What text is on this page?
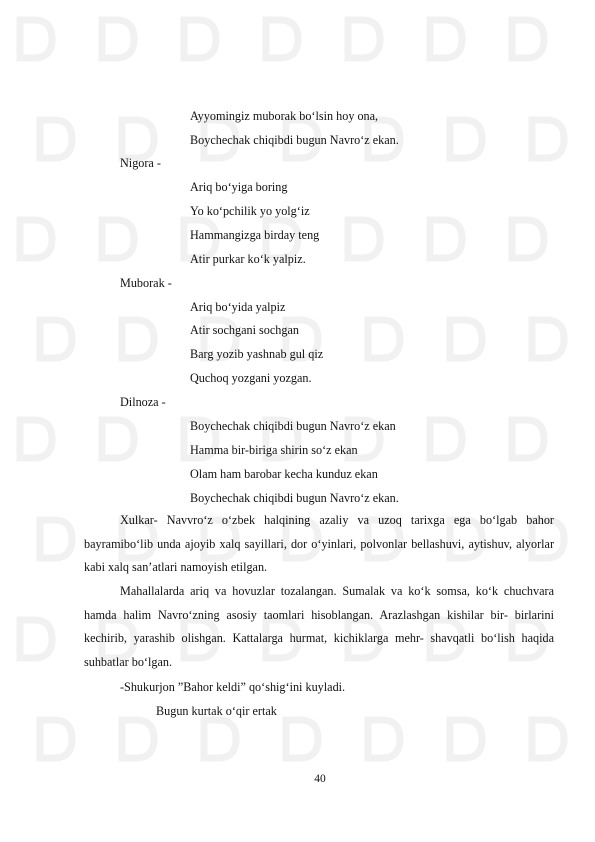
Ayyomingiz muborak bo‘lsin hoy ona,
Boychechak chiqibdi bugun Navro‘z ekan.
Nigora -
Ariq bo‘yiga boring
Yo ko‘pchilik yo yolg‘iz
Hammangizga birday teng
Atir purkar ko‘k yalpiz.
Muborak -
Ariq bo‘yida yalpiz
Atir sochgani sochgan
Barg yozib yashnab gul qiz
Quchoq yozgani yozgan.
Dilnoza -
Boychechak chiqibdi bugun Navro‘z ekan
Hamma bir-biriga shirin so‘z ekan
Olam ham barobar kecha kunduz ekan
Boychechak chiqibdi bugun Navro‘z ekan.
Xulkar- Navvro‘z o‘zbek halqining azaliy va uzoq tarixga ega bo‘lgab bahor bayramibo‘lib unda ajoyib xalq sayillari, dor o‘yinlari, polvonlar bellashuvi, aytishuv, alyorlar kabi xalq san’atlari namoyish etilgan.
Mahallalarda ariq va hovuzlar tozalangan. Sumalak va ko‘k somsa, ko‘k chuchvara hamda halim Navro‘zning asosiy taomlari hisoblangan. Arazlashgan kishilar bir- birlarini kechirib, yarashib olishgan. Kattalarga hurmat, kichiklarga mehr- shavqatli bo‘lish haqida suhbatlar bo‘lgan.
-Shukurjon ”Bahor keldi” qo‘shig‘ini kuyladi.
Bugun kurtak o‘qir ertak
40
